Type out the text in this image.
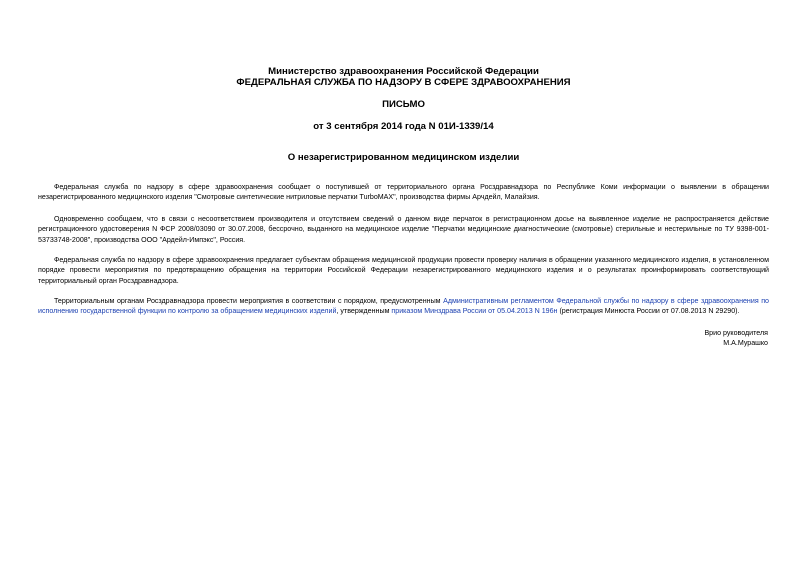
Министерство здравоохранения Российской Федерации
ФЕДЕРАЛЬНАЯ СЛУЖБА ПО НАДЗОРУ В СФЕРЕ ЗДРАВООХРАНЕНИЯ
ПИСЬМО
от 3 сентября 2014 года N 01И-1339/14
О незарегистрированном медицинском изделии

Федеральная служба по надзору в сфере здравоохранения сообщает о поступившей от территориального органа Росздравнадзора по Республике Коми информации о выявлении в обращении незарегистрированного медицинского изделия "Смотровые синтетические нитриловые перчатки TurboMAX", производства фирмы Арчдейл, Малайзия.

Одновременно сообщаем, что в связи с несоответствием производителя и отсутствием сведений о данном виде перчаток в регистрационном досье на выявленное изделие не распространяется действие регистрационного удостоверения N ФСР 2008/03090 от 30.07.2008, бессрочно, выданного на медицинское изделие "Перчатки медицинские диагностические (смотровые) стерильные и нестерильные по ТУ 9398-001-53733748-2008", производства ООО "Ардейл-Импэкс", Россия.

Федеральная служба по надзору в сфере здравоохранения предлагает субъектам обращения медицинской продукции провести проверку наличия в обращении указанного медицинского изделия, в установленном порядке провести мероприятия по предотвращению обращения на территории Российской Федерации незарегистрированного медицинского изделия и о результатах проинформировать соответствующий территориальный орган Росздравнадзора.

Территориальным органам Росздравнадзора провести мероприятия в соответствии с порядком, предусмотренным Административным регламентом Федеральной службы по надзору в сфере здравоохранения по исполнению государственной функции по контролю за обращением медицинских изделий, утвержденным приказом Минздрава России от 05.04.2013 N 196н (регистрация Минюста России от 07.08.2013 N 29290).

Врио руководителя
М.А.Мурашко
